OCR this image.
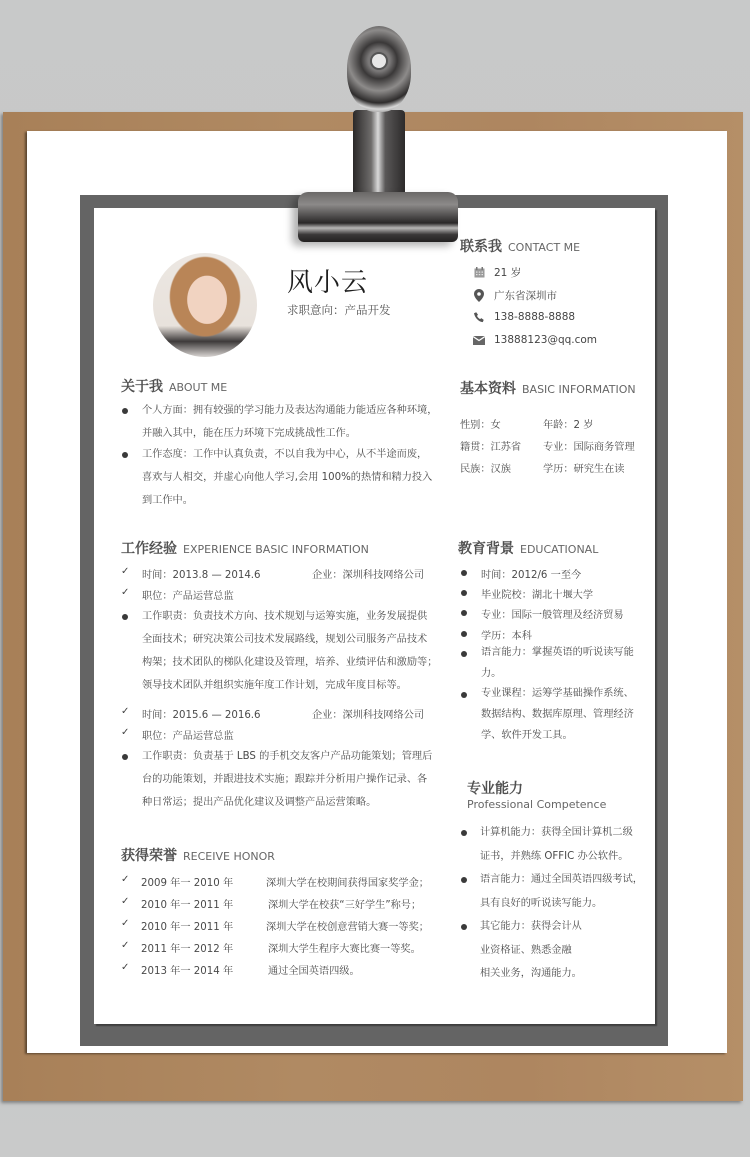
风小云
求职意向：产品开发
联系我 CONTACT ME
21 岁
广东省深圳市
138-8888-8888
13888123@qq.com
基本资料 BASIC INFORMATION
性别：女	年龄：2 岁
籍贯：江苏省 专业：国际商务管理
民族：汉族	学历：研究生在读
关于我 ABOUT ME
个人方面：拥有较强的学习能力及表达沟通能力能适应各种环境，
并融入其中，能在压力环境下完成挑战性工作。
工作态度：工作中认真负责，不以自我为中心，从不半途而废，
喜欢与人相交，并虚心向他人学习,会用 100%的热情和精力投入
到工作中。
工作经验 EXPERIENCE BASIC INFORMATION
✓ 时间：2013.8 — 2014.6	企业：深圳科技网络公司
✓ 职位：产品运营总监
工作职责：负责技术方向、技术规划与运筹实施，业务发展提供
全面技术；研究决策公司技术发展路线，规划公司服务产品技术
构架；技术团队的梯队化建设及管理，培养、业绩评估和激励等；
领导技术团队并组织实施年度工作计划，完成年度目标等。
✓ 时间：2015.6 — 2016.6	企业：深圳科技网络公司
✓ 职位：产品运营总监
工作职责：负责基于 LBS 的手机交友客户产品功能策划；管理后
台的功能策划，并跟进技术实施；跟踪并分析用户操作记录、各
种日常运；提出产品优化建议及调整产品运营策略。
获得荣誉 RECEIVE HONOR
✓ 2009 年一 2010 年	深圳大学在校期间获得国家奖学金；
✓ 2010 年一 2011 年	深圳大学在校获“三好学生”称号；
✓ 2010 年一 2011 年	深圳大学在校创意营销大赛一等奖；
✓ 2011 年一 2012 年	深圳大学生程序大赛比赛一等奖。
✓ 2013 年一 2014 年	通过全国英语四级。
教育背景 EDUCATIONAL
时间：2012/6 一至今
毕业院校：湖北十堰大学
专业：国际一般管理及经济贸易
学历：本科
语言能力：掌握英语的听说读写能
力。
专业课程：运筹学基础操作系统、
数据结构、数据库原理、管理经济
学、软件开发工具。
专业能力
Professional Competence
计算机能力：获得全国计算机二级
证书，并熟练 OFFIC 办公软件。
语言能力：通过全国英语四级考试，
具有良好的听说读写能力。
其它能力：获得会计从
业资格证、熟悉金融
相关业务，沟通能力。
